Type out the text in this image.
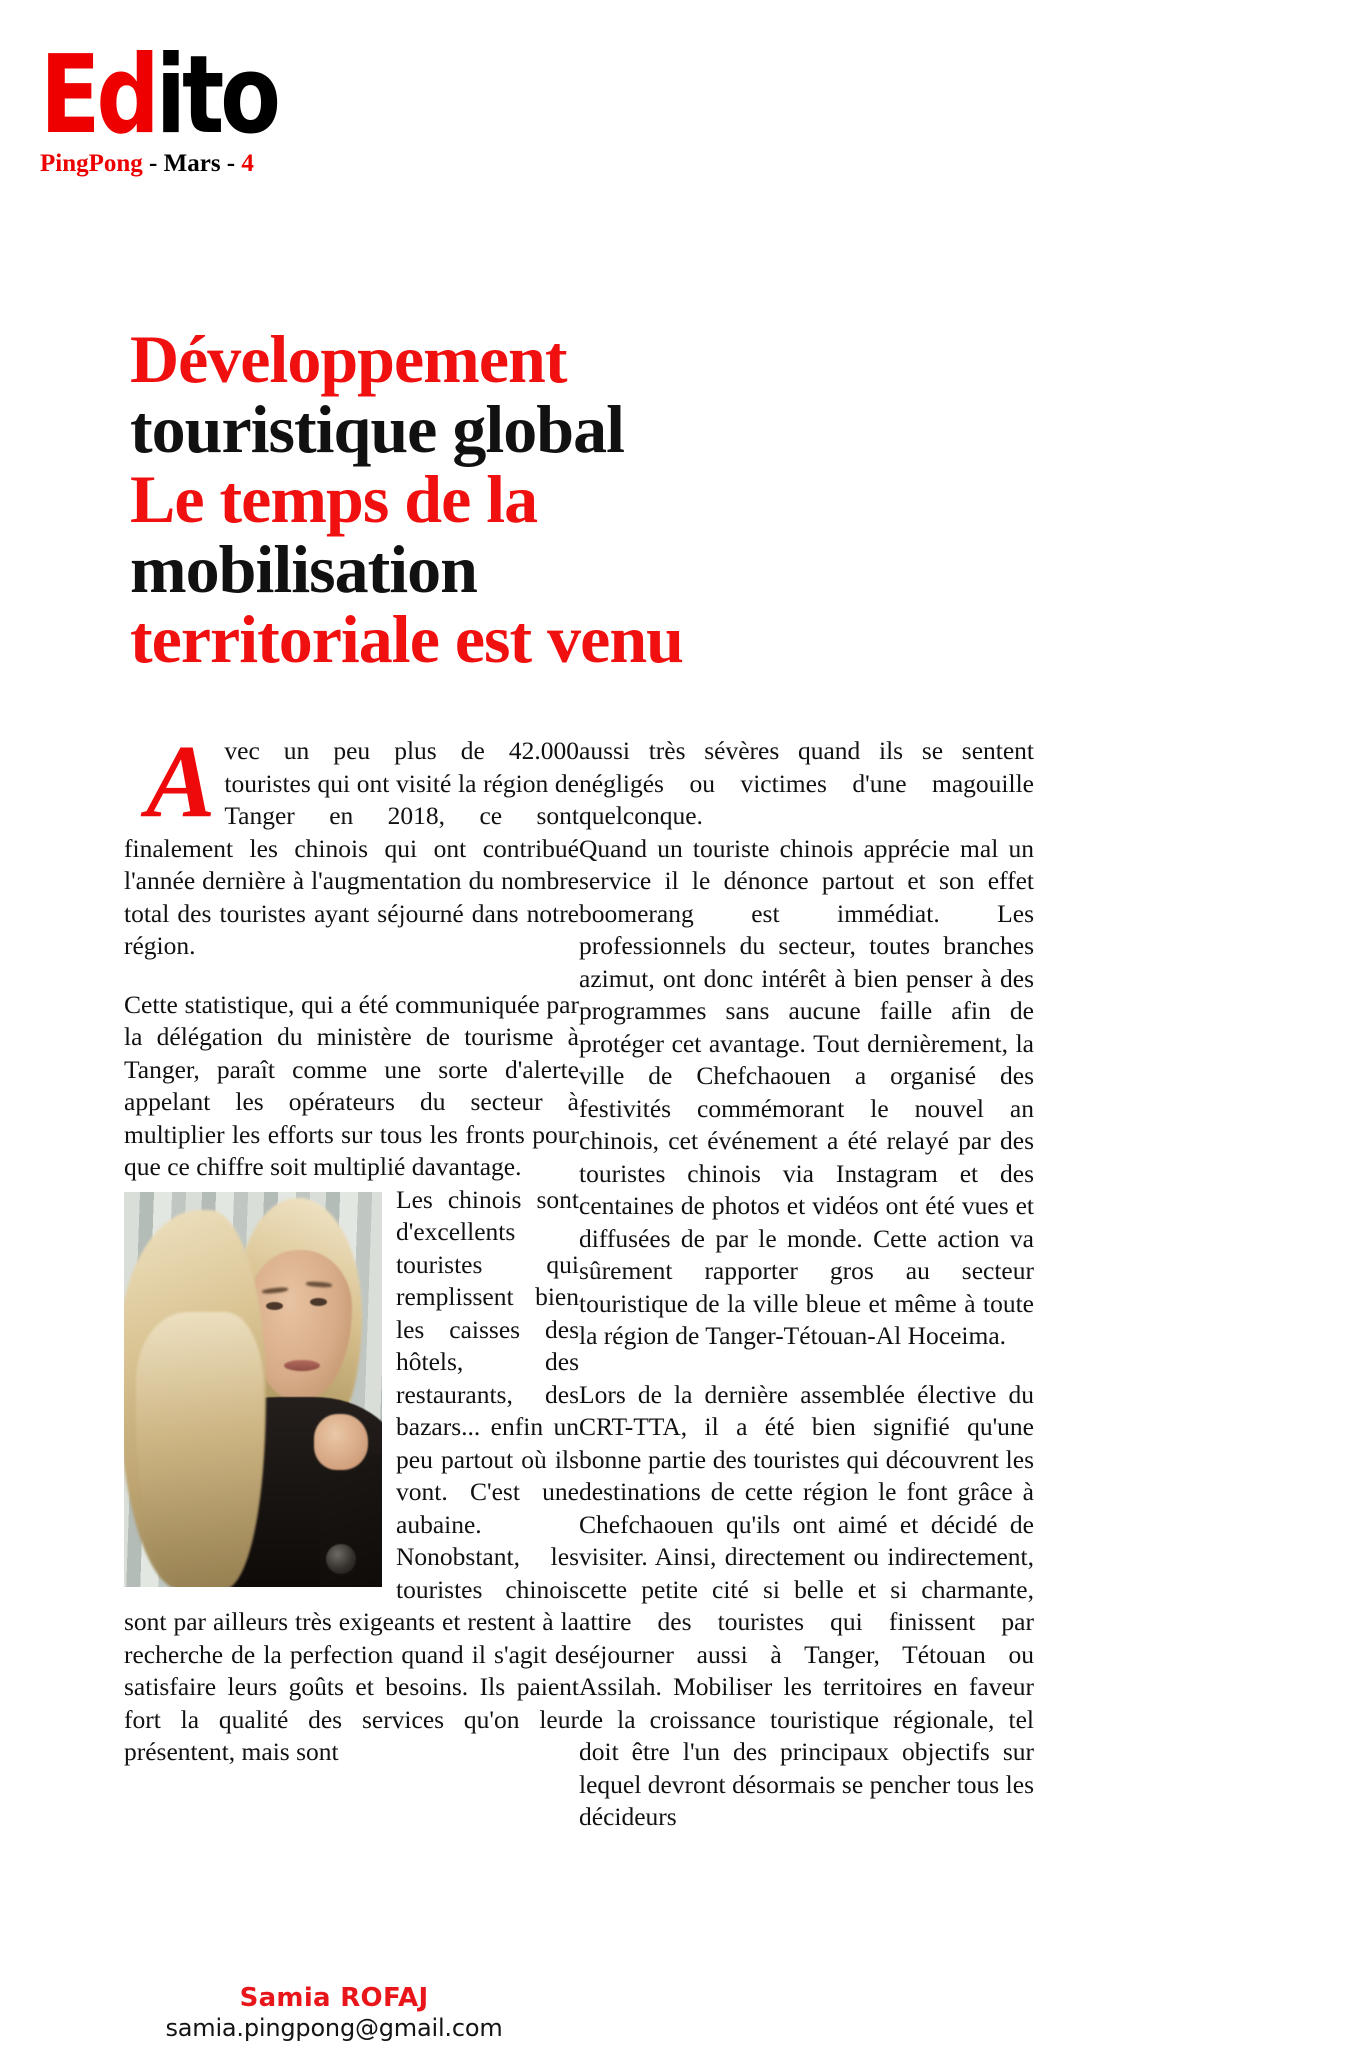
Edito
PingPong - Mars - 4
Développement
touristique global
Le temps de la
mobilisation
territoriale est venu
A vec un peu plus de 42.000 touristes qui ont visité la région de Tanger en 2018, ce sont finalement les chinois qui ont contribué l'année dernière à l'augmentation du nombre total des touristes ayant séjourné dans notre région.

Cette statistique, qui a été communiquée par la délégation du ministère de tourisme à Tanger, paraît comme une sorte d'alerte appelant les opérateurs du secteur à multiplier les efforts sur tous les fronts pour que ce chiffre soit multiplié davantage.

Les chinois sont d'excellents touristes qui remplissent bien les caisses des hôtels, des restaurants, des bazars... enfin un peu partout où ils vont. C'est une aubaine. Nonobstant, les touristes chinois sont par ailleurs très exigeants et restent à la recherche de la perfection quand il s'agit de satisfaire leurs goûts et besoins. Ils paient fort la qualité des services qu'on leur présentent, mais sont

aussi très sévères quand ils se sentent négligés ou victimes d'une magouille quelconque.

Quand un touriste chinois apprécie mal un service il le dénonce partout et son effet boomerang est immédiat. Les professionnels du secteur, toutes branches azimut, ont donc intérêt à bien penser à des programmes sans aucune faille afin de protéger cet avantage. Tout dernièrement, la ville de Chefchaouen a organisé des festivités commémorant le nouvel an chinois, cet événement a été relayé par des touristes chinois via Instagram et des centaines de photos et vidéos ont été vues et diffusées de par le monde. Cette action va sûrement rapporter gros au secteur touristique de la ville bleue et même à toute la région de Tanger-Tétouan-Al Hoceima.

Lors de la dernière assemblée élective du CRT-TTA, il a été bien signifié qu'une bonne partie des touristes qui découvrent les destinations de cette région le font grâce à Chefchaouen qu'ils ont aimé et décidé de visiter. Ainsi, directement ou indirectement, cette petite cité si belle et si charmante, attire des touristes qui finissent par séjourner aussi à Tanger, Tétouan ou Assilah. Mobiliser les territoires en faveur de la croissance touristique régionale, tel doit être l'un des principaux objectifs sur lequel devront désormais se pencher tous les décideurs

Samia ROFAJ
samia.pingpong@gmail.com
